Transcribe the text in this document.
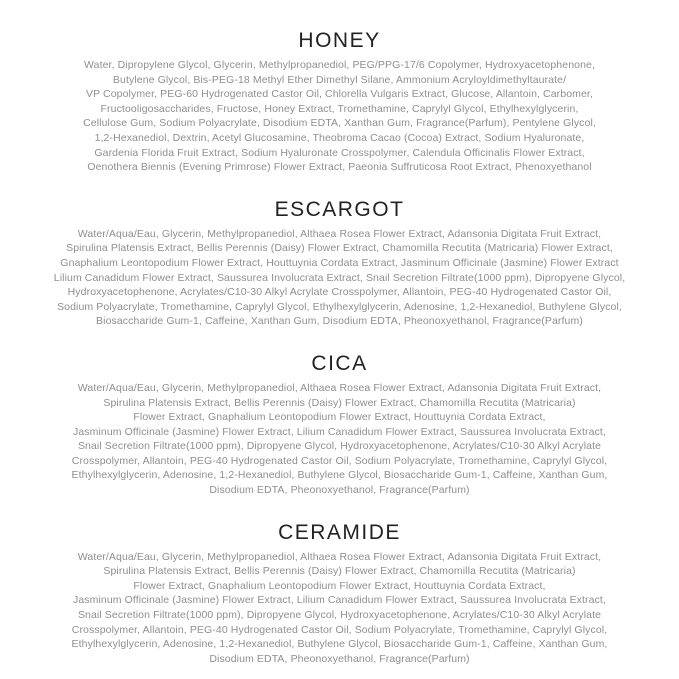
HONEY
Water, Dipropylene Glycol, Glycerin, Methylpropanediol, PEG/PPG-17/6 Copolymer, Hydroxyacetophenone,
Butylene Glycol, Bis-PEG-18 Methyl Ether Dimethyl Silane, Ammonium Acryloyldimethyltaurate/
VP Copolymer, PEG-60 Hydrogenated Castor Oil, Chlorella Vulgaris Extract, Glucose, Allantoin, Carbomer,
Fructooligosaccharides, Fructose, Honey Extract, Tromethamine, Caprylyl Glycol, Ethylhexylglycerin,
Cellulose Gum, Sodium Polyacrylate, Disodium EDTA, Xanthan Gum, Fragrance(Parfum), Pentylene Glycol,
1,2-Hexanediol, Dextrin, Acetyl Glucosamine, Theobroma Cacao (Cocoa) Extract, Sodium Hyaluronate,
Gardenia Florida Fruit Extract, Sodium Hyaluronate Crosspolymer, Calendula Officinalis Flower Extract,
Oenothera Biennis (Evening Primrose) Flower Extract, Paeonia Suffruticosa Root Extract, Phenoxyethanol
ESCARGOT
Water/Aqua/Eau, Glycerin, Methylpropanediol, Althaea Rosea Flower Extract, Adansonia Digitata Fruit Extract,
Spirulina Platensis Extract, Bellis Perennis (Daisy) Flower Extract, Chamomilla Recutita (Matricaria) Flower Extract,
Gnaphalium Leontopodium Flower Extract, Houttuynia Cordata Extract, Jasminum Officinale (Jasmine) Flower Extract
Lilium Canadidum Flower Extract, Saussurea Involucrata Extract, Snail Secretion Filtrate(1000 ppm), Dipropyene Glycol,
Hydroxyacetophenone, Acrylates/C10-30 Alkyl Acrylate Crosspolymer, Allantoin, PEG-40 Hydrogenated Castor Oil,
Sodium Polyacrylate, Tromethamine, Caprylyl Glycol, Ethylhexylglycerin, Adenosine, 1,2-Hexanediol, Buthylene Glycol,
Biosaccharide Gum-1, Caffeine, Xanthan Gum, Disodium EDTA, Pheonoxyethanol, Fragrance(Parfum)
CICA
Water/Aqua/Eau, Glycerin, Methylpropanediol, Althaea Rosea Flower Extract, Adansonia Digitata Fruit Extract,
Spirulina Platensis Extract, Bellis Perennis (Daisy) Flower Extract, Chamomilla Recutita (Matricaria)
Flower Extract, Gnaphalium Leontopodium Flower Extract, Houttuynia Cordata Extract,
Jasminum Officinale (Jasmine) Flower Extract, Lilium Canadidum Flower Extract, Saussurea Involucrata Extract,
Snail Secretion Filtrate(1000 ppm), Dipropyene Glycol, Hydroxyacetophenone, Acrylates/C10-30 Alkyl Acrylate
Crosspolymer, Allantoin, PEG-40 Hydrogenated Castor Oil, Sodium Polyacrylate, Tromethamine, Caprylyl Glycol,
Ethylhexylglycerin, Adenosine, 1,2-Hexanediol, Buthylene Glycol, Biosaccharide Gum-1, Caffeine, Xanthan Gum,
Disodium EDTA, Pheonoxyethanol, Fragrance(Parfum)
CERAMIDE
Water/Aqua/Eau, Glycerin, Methylpropanediol, Althaea Rosea Flower Extract, Adansonia Digitata Fruit Extract,
Spirulina Platensis Extract, Bellis Perennis (Daisy) Flower Extract, Chamomilla Recutita (Matricaria)
Flower Extract, Gnaphalium Leontopodium Flower Extract, Houttuynia Cordata Extract,
Jasminum Officinale (Jasmine) Flower Extract, Lilium Canadidum Flower Extract, Saussurea Involucrata Extract,
Snail Secretion Filtrate(1000 ppm), Dipropyene Glycol, Hydroxyacetophenone, Acrylates/C10-30 Alkyl Acrylate
Crosspolymer, Allantoin, PEG-40 Hydrogenated Castor Oil, Sodium Polyacrylate, Tromethamine, Caprylyl Glycol,
Ethylhexylglycerin, Adenosine, 1,2-Hexanediol, Buthylene Glycol, Biosaccharide Gum-1, Caffeine, Xanthan Gum,
Disodium EDTA, Pheonoxyethanol, Fragrance(Parfum)
